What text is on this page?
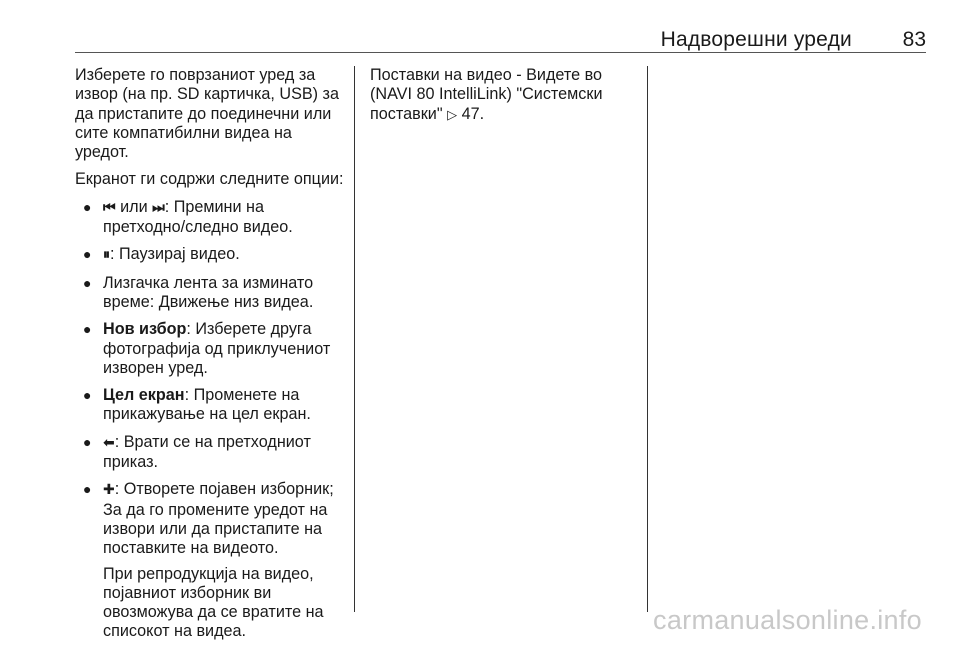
Надворешни уреди 83

Изберете го поврзаниот уред за извор (на пр. SD картичка, USB) за да пристапите до поединечни или сите компатибилни видеа на уредот.

Екранот ги содржи следните опции:

● ⏮ или ⏭: Премини на претходно/следно видео.
● ⏸: Паузирај видео.
● Лизгачка лента за изминато време: Движење низ видеа.
● Нов избор: Изберете друга фотографија од приклучениот изворен уред.
● Цел екран: Променете на прикажување на цел екран.
● ⬅: Врати се на претходниот приказ.
● ✚: Отворете појавен изборник; За да го промените уредот на извори или да пристапите на поставките на видеото.

При репродукција на видео, појавниот изборник ви овозможува да се вратите на списокот на видеа.

Поставки на видео - Видете во (NAVI 80 IntelliLink) "Системски поставки" ▷ 47.

carmanualsonline.info
